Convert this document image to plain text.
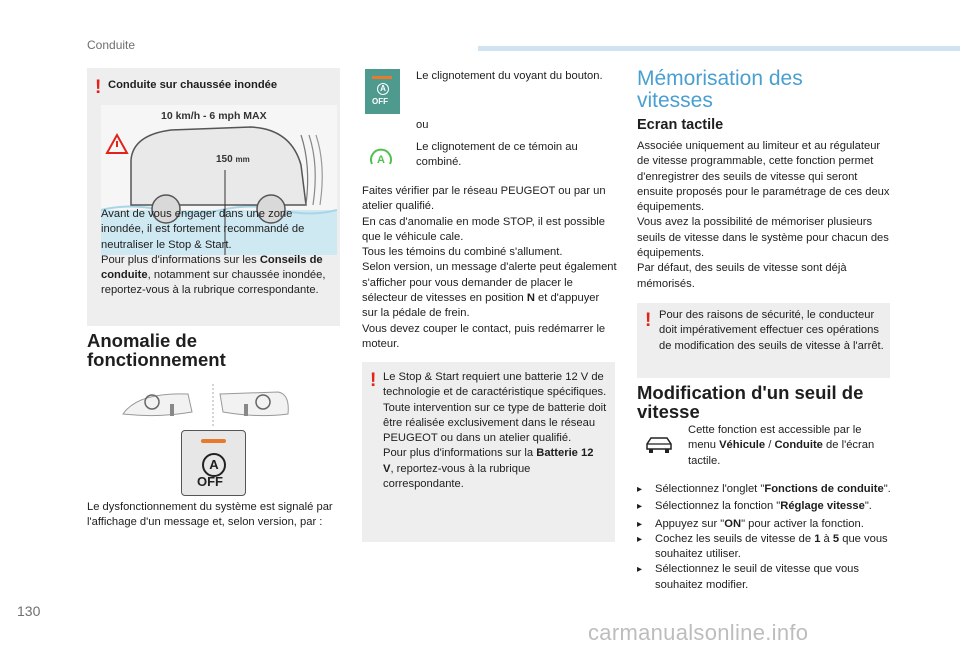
Conduite
! Conduite sur chaussée inondée
10 km/h - 6 mph MAX
150 mm
Avant de vous engager dans une zone inondée, il est fortement recommandé de neutraliser le Stop & Start.
Pour plus d'informations sur les Conseils de conduite, notamment sur chaussée inondée, reportez-vous à la rubrique correspondante.
Anomalie de fonctionnement
A
OFF
Le dysfonctionnement du système est signalé par l'affichage d'un message et, selon version, par :
A
OFF
Le clignotement du voyant du bouton.
ou
A
Le clignotement de ce témoin au combiné.
Faites vérifier par le réseau PEUGEOT ou par un atelier qualifié.
En cas d'anomalie en mode STOP, il est possible que le véhicule cale.
Tous les témoins du combiné s'allument.
Selon version, un message d'alerte peut également s'afficher pour vous demander de placer le sélecteur de vitesses en position N et d'appuyer sur la pédale de frein.
Vous devez couper le contact, puis redémarrer le moteur.
! Le Stop & Start requiert une batterie 12 V de technologie et de caractéristique spécifiques.
Toute intervention sur ce type de batterie doit être réalisée exclusivement dans le réseau PEUGEOT ou dans un atelier qualifié.
Pour plus d'informations sur la Batterie 12 V, reportez-vous à la rubrique correspondante.
Mémorisation des vitesses
Ecran tactile
Associée uniquement au limiteur et au régulateur de vitesse programmable, cette fonction permet d'enregistrer des seuils de vitesse qui seront ensuite proposés pour le paramétrage de ces deux équipements.
Vous avez la possibilité de mémoriser plusieurs seuils de vitesse dans le système pour chacun des équipements.
Par défaut, des seuils de vitesse sont déjà mémorisés.
! Pour des raisons de sécurité, le conducteur doit impérativement effectuer ces opérations de modification des seuils de vitesse à l'arrêt.
Modification d'un seuil de vitesse
Cette fonction est accessible par le menu Véhicule / Conduite de l'écran tactile.
▸ Sélectionnez l'onglet "Fonctions de conduite".
▸ Sélectionnez la fonction "Réglage vitesse".
▸ Appuyez sur "ON" pour activer la fonction.
▸ Cochez les seuils de vitesse de 1 à 5 que vous souhaitez utiliser.
▸ Sélectionnez le seuil de vitesse que vous souhaitez modifier.
130
carmanualsonline.info
